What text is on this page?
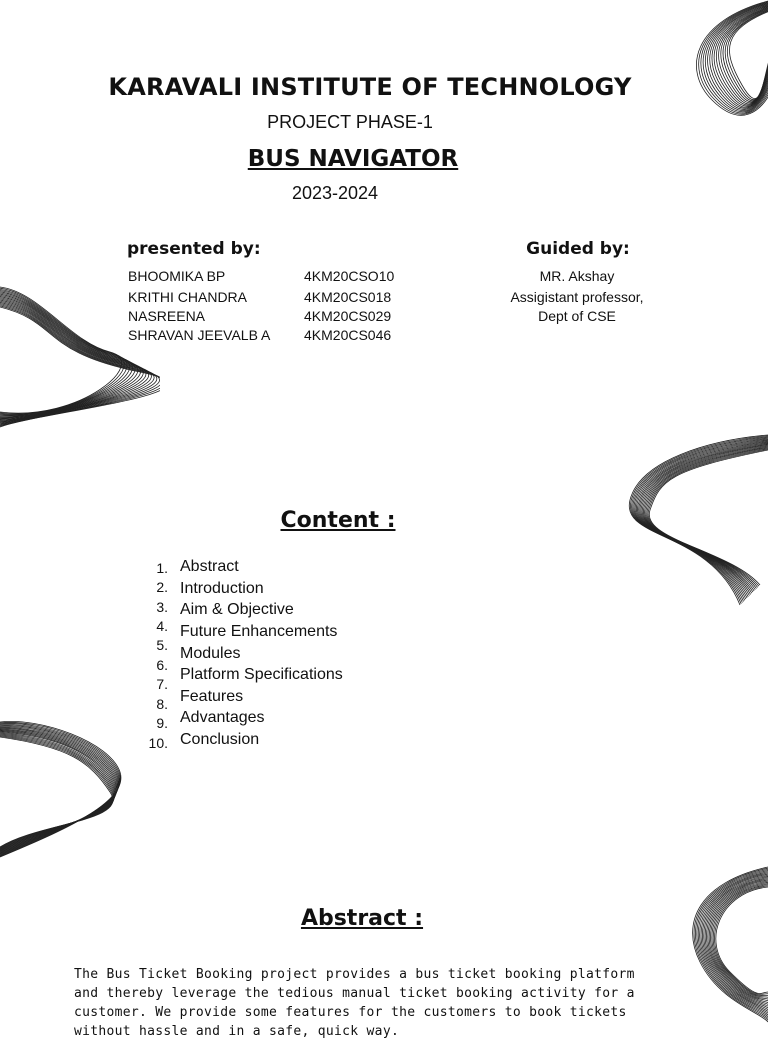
KARAVALI INSTITUTE OF TECHNOLOGY
PROJECT PHASE-1
BUS NAVIGATOR
2023-2024
presented by:
BHOOMIKA BP	4KM20CSO10
KRITHI CHANDRA	4KM20CS018
NASREENA	4KM20CS029
SHRAVAN JEEVALB A 4KM20CS046
Guided by:
MR. Akshay
Assigistant professor,
Dept of CSE
Content :
1. Abstract
2. Introduction
3. Aim & Objective
4. Future Enhancements
5. Modules
6.
Platform Specifications
7.
Features
8.
Advantages
9.
Conclusion
10.
Abstract :

The Bus Ticket Booking project provides a bus ticket booking platform and thereby leverage the tedious manual ticket booking activity for a customer. We provide some features for the customers to book tickets without hassle and in a safe, quick way.
